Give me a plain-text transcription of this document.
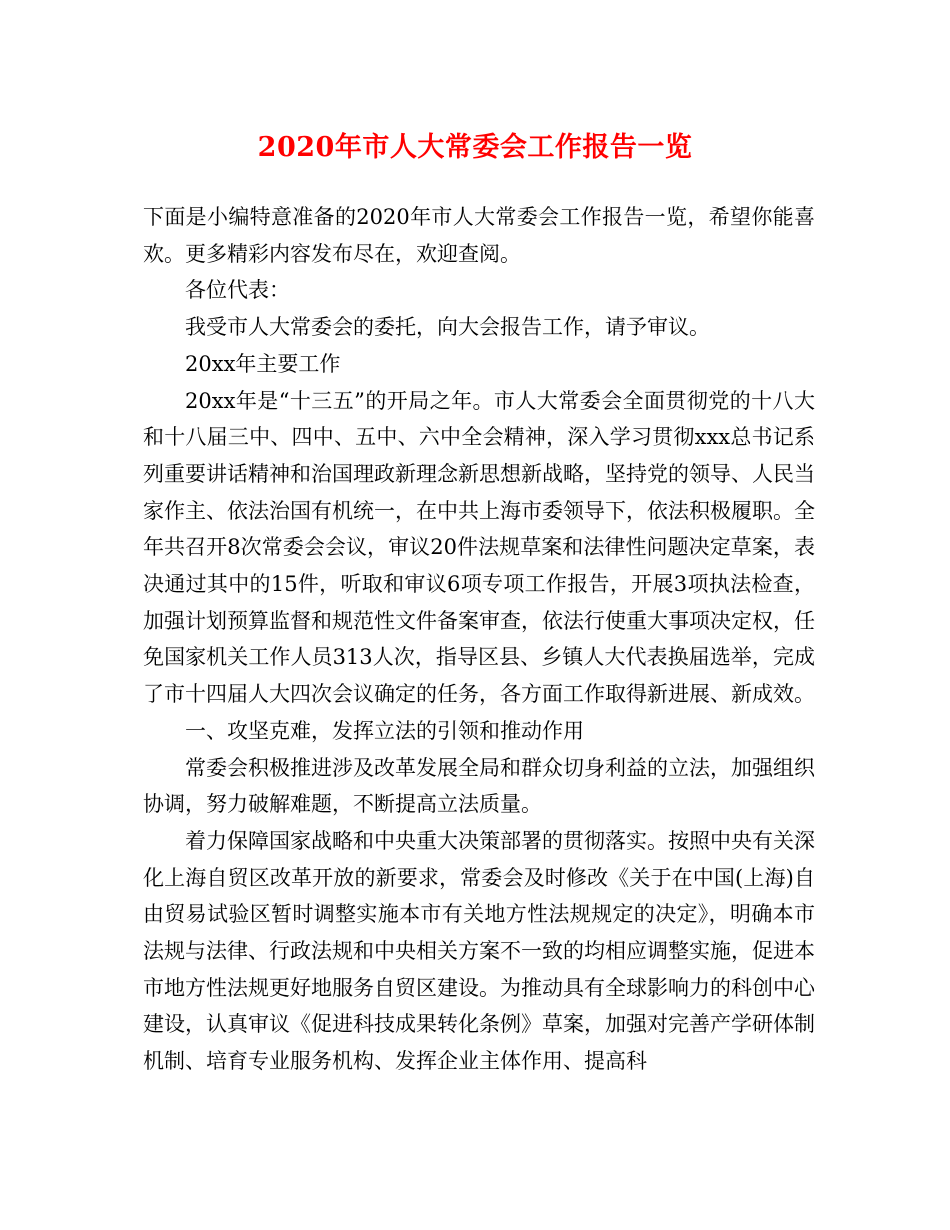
2020年市人大常委会工作报告一览

下面是小编特意准备的2020年市人大常委会工作报告一览，希望你能喜欢。更多精彩内容发布尽在，欢迎查阅。

各位代表：

我受市人大常委会的委托，向大会报告工作，请予审议。

20xx年主要工作

20xx年是“十三五”的开局之年。市人大常委会全面贯彻党的十八大和十八届三中、四中、五中、六中全会精神，深入学习贯彻xxx总书记系列重要讲话精神和治国理政新理念新思想新战略，坚持党的领导、人民当家作主、依法治国有机统一，在中共上海市委领导下，依法积极履职。全年共召开8次常委会会议，审议20件法规草案和法律性问题决定草案，表决通过其中的15件，听取和审议6项专项工作报告，开展3项执法检查，加强计划预算监督和规范性文件备案审查，依法行使重大事项决定权，任免国家机关工作人员313人次，指导区县、乡镇人大代表换届选举，完成了市十四届人大四次会议确定的任务，各方面工作取得新进展、新成效。

一、攻坚克难，发挥立法的引领和推动作用

常委会积极推进涉及改革发展全局和群众切身利益的立法，加强组织协调，努力破解难题，不断提高立法质量。

着力保障国家战略和中央重大决策部署的贯彻落实。按照中央有关深化上海自贸区改革开放的新要求，常委会及时修改《关于在中国(上海)自由贸易试验区暂时调整实施本市有关地方性法规规定的决定》，明确本市法规与法律、行政法规和中央相关方案不一致的均相应调整实施，促进本市地方性法规更好地服务自贸区建设。为推动具有全球影响力的科创中心建设，认真审议《促进科技成果转化条例》草案，加强对完善产学研体制机制、培育专业服务机构、发挥企业主体作用、提高科
